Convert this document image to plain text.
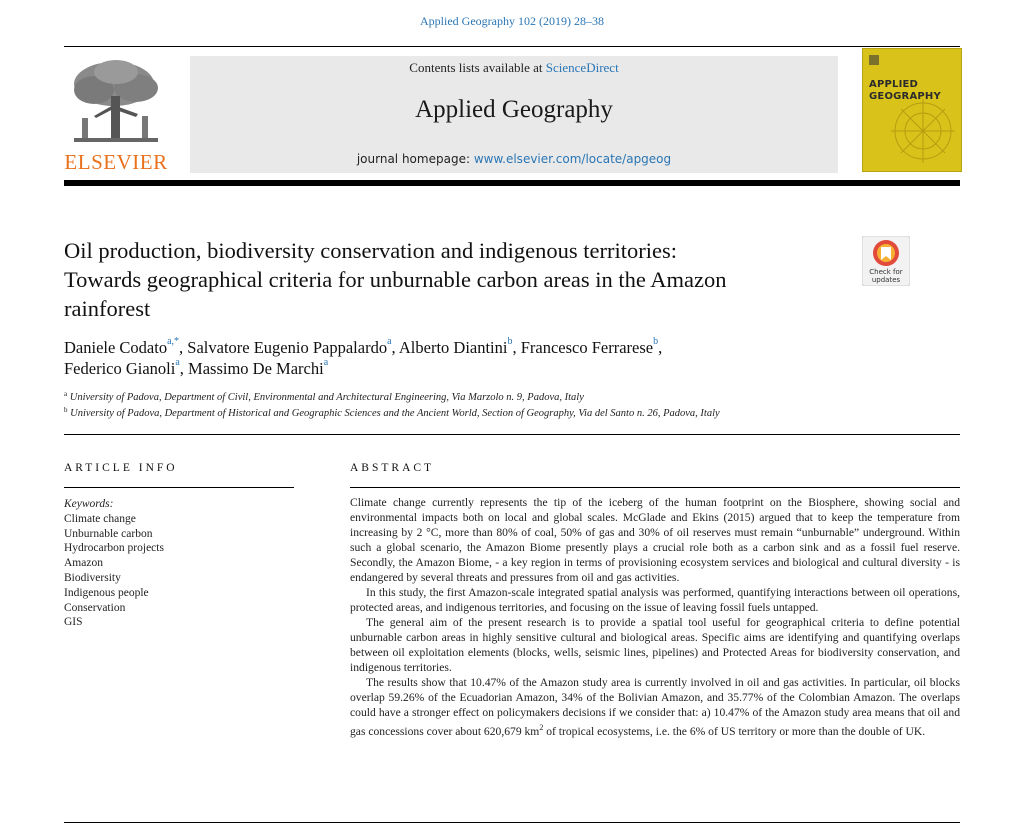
Applied Geography 102 (2019) 28–38
ELSEVIER
Contents lists available at ScienceDirect
Applied Geography
journal homepage: www.elsevier.com/locate/apgeog
APPLIED
GEOGRAPHY
Oil production, biodiversity conservation and indigenous territories:
Towards geographical criteria for unburnable carbon areas in the Amazon
rainforest
Check for
updates
Daniele Codato$^{a,*}$, Salvatore Eugenio Pappalardo$^a$, Alberto Diantini$^b$, Francesco Ferrarese$^b$,
Federico Gianoli$^a$, Massimo De Marchi$^a$
$^a$ University of Padova, Department of Civil, Environmental and Architectural Engineering, Via Marzolo n. 9, Padova, Italy
$^b$ University of Padova, Department of Historical and Geographic Sciences and the Ancient World, Section of Geography, Via del Santo n. 26, Padova, Italy
ARTICLE INFO	ABSTRACT
Keywords:
Climate change
Unburnable carbon
Hydrocarbon projects
Amazon
Biodiversity
Indigenous people
Conservation
GIS

Climate change currently represents the tip of the iceberg of the human footprint on the Biosphere, showing social and environmental impacts both on local and global scales. McGlade and Ekins (2015) argued that to keep the temperature from increasing by 2 °C, more than 80% of coal, 50% of gas and 30% of oil reserves must remain “unburnable” underground. Within such a global scenario, the Amazon Biome presently plays a crucial role both as a carbon sink and as a fossil fuel reserve. Secondly, the Amazon Biome, - a key region in terms of provisioning ecosystem services and biological and cultural diversity - is endangered by several threats and pressures from oil and gas activities.

In this study, the first Amazon-scale integrated spatial analysis was performed, quantifying interactions between oil operations, protected areas, and indigenous territories, and focusing on the issue of leaving fossil fuels untapped.

The general aim of the present research is to provide a spatial tool useful for geographical criteria to define potential unburnable carbon areas in highly sensitive cultural and biological areas. Specific aims are identifying and quantifying overlaps between oil exploitation elements (blocks, wells, seismic lines, pipelines) and Protected Areas for biodiversity conservation, and indigenous territories.

The results show that 10.47% of the Amazon study area is currently involved in oil and gas activities. In particular, oil blocks overlap 59.26% of the Ecuadorian Amazon, 34% of the Bolivian Amazon, and 35.77% of the Colombian Amazon. The overlaps could have a stronger effect on policymakers decisions if we consider that: a) 10.47% of the Amazon study area means that oil and gas concessions cover about 620,679 $km^2$ of tropical ecosystems, i.e. the 6% of US territory or more than the double of UK.
